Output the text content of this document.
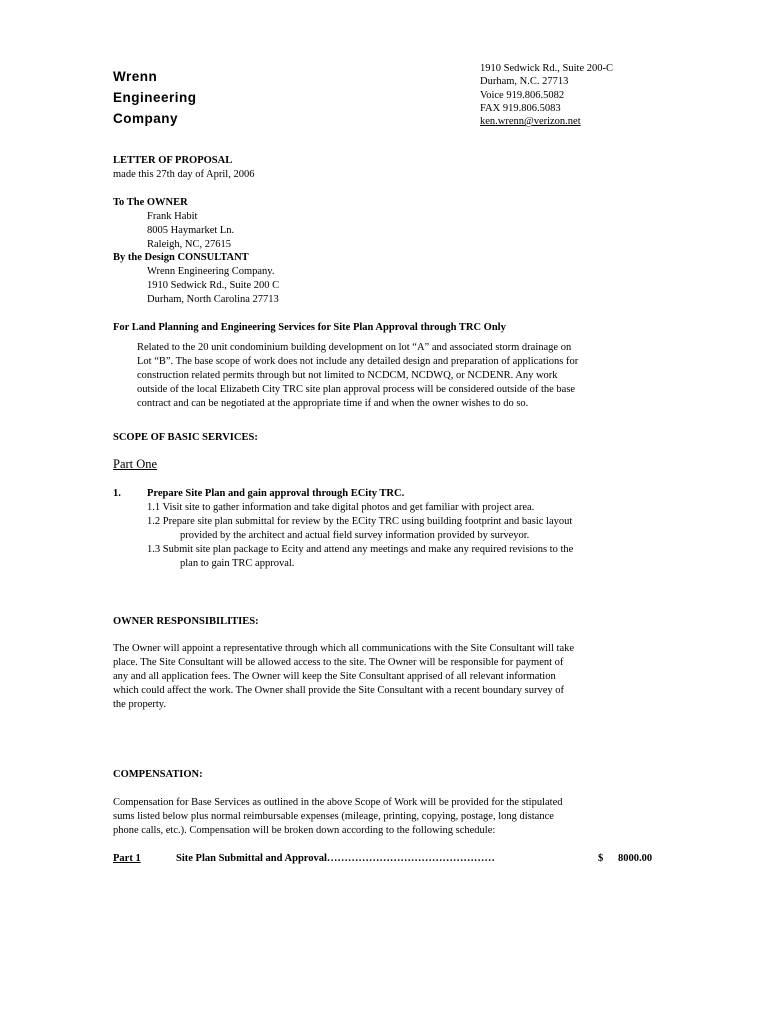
Wrenn
Engineering
Company
1910 Sedwick Rd., Suite 200-C
Durham, N.C. 27713
Voice 919.806.5082
FAX 919.806.5083
ken.wrenn@verizon.net
LETTER OF PROPOSAL
made this 27th day of April, 2006
To The OWNER
Frank Habit
8005 Haymarket Ln.
Raleigh, NC, 27615
By the Design CONSULTANT
Wrenn Engineering Company.
1910 Sedwick Rd., Suite 200 C
Durham, North Carolina 27713
For Land Planning and Engineering Services for Site Plan Approval through TRC Only
Related to the 20 unit condominium building development on lot “A” and associated storm drainage on
Lot “B”. The base scope of work does not include any detailed design and preparation of applications for
construction related permits through but not limited to NCDCM, NCDWQ, or NCDENR. Any work
outside of the local Elizabeth City TRC site plan approval process will be considered outside of the base
contract and can be negotiated at the appropriate time if and when the owner wishes to do so.
SCOPE OF BASIC SERVICES:
Part One
1. Prepare Site Plan and gain approval through ECity TRC.
1.1 Visit site to gather information and take digital photos and get familiar with project area.
1.2 Prepare site plan submittal for review by the ECity TRC using building footprint and basic layout
provided by the architect and actual field survey information provided by surveyor.
1.3 Submit site plan package to Ecity and attend any meetings and make any required revisions to the
plan to gain TRC approval.
OWNER RESPONSIBILITIES:
The Owner will appoint a representative through which all communications with the Site Consultant will take
place. The Site Consultant will be allowed access to the site. The Owner will be responsible for payment of
any and all application fees. The Owner will keep the Site Consultant apprised of all relevant information
which could affect the work. The Owner shall provide the Site Consultant with a recent boundary survey of
the property.
COMPENSATION:
Compensation for Base Services as outlined in the above Scope of Work will be provided for the stipulated
sums listed below plus normal reimbursable expenses (mileage, printing, copying, postage, long distance
phone calls, etc.). Compensation will be broken down according to the following schedule:
Part 1	Site Plan Submittal and Approval…………………………………………	$ 8000.00
